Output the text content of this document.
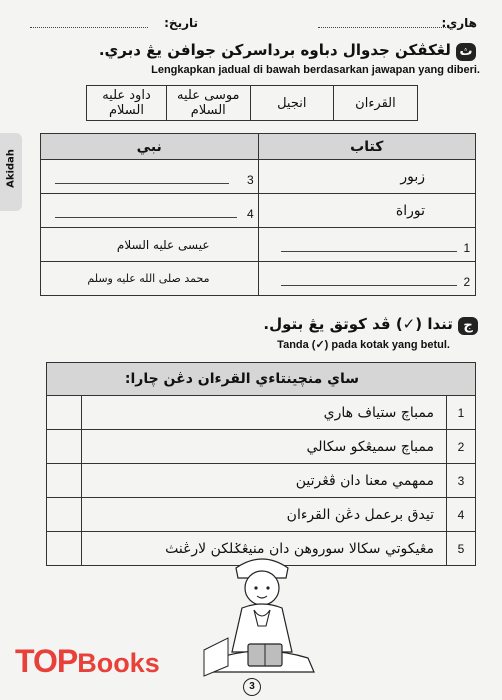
هاري:
تاريخ:
Akidah
ث لڠكڤكن جدوال دباوه برداسركن جوافن يڠ دبري.
Lengkapkan jadual di bawah berdasarkan jawapan yang diberi.
داود عليه السلام	موسى عليه السلام	انجيل	القرءان
نبي	كتاب

3	زبور

4	توراة
عيسى عليه السلام	1

محمد صلى الله عليه وسلم	2
ج تندا (✓) ڤد كوتق يڠ بتول.
Tanda (✓) pada kotak yang betul.
ساي منچينتاءي القرءان دڠن چارا:		
	ممباچ ستياف هاري	1
	ممباچ سميڠكو سكالي	2
	ممهمي معنا دان ڤڠرتين	3
	تيدق برعمل دڠن القرءان	4
	مڠيكوتي سكالا سوروهن دان منيڠݢلكن لارڠنث	5
TOPBooks
3
